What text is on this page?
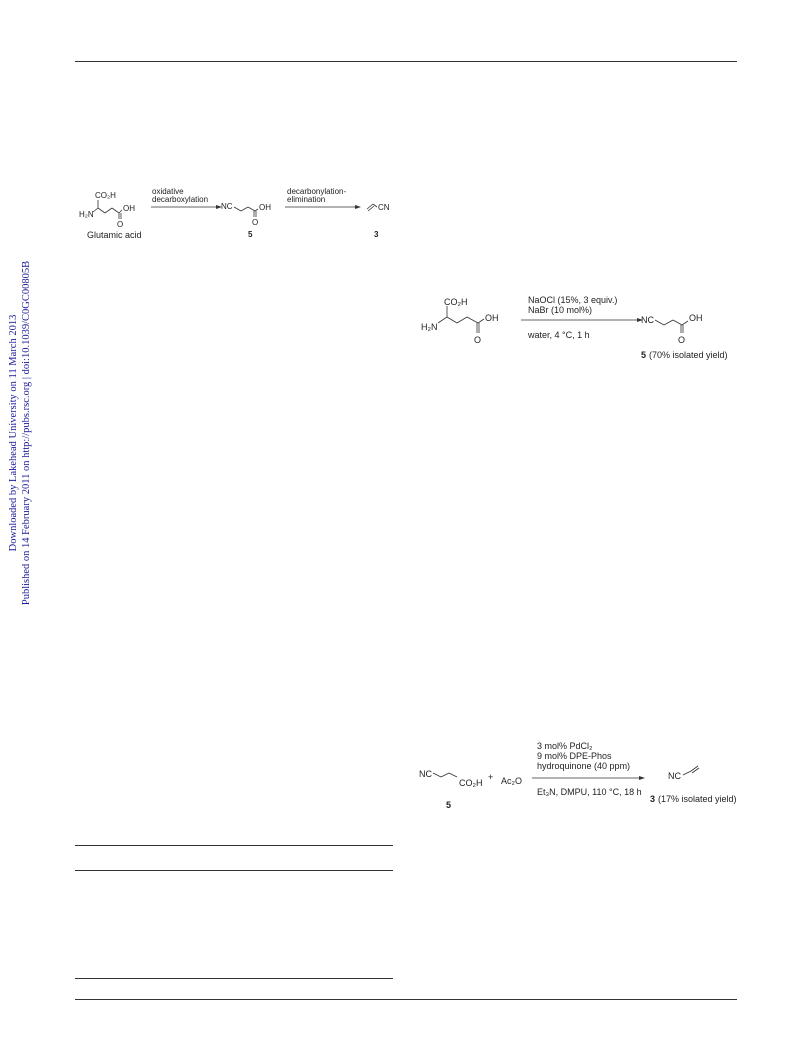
Downloaded by Lakehead University on 11 March 2013 Published on 14 February 2011 on http://pubs.rsc.org | doi:10.1039/C0GC00805B
CO₂H
H₂N
OH
O
Glutamic acid
oxidative
decarboxylation
NC	OH
O
5
decarbonylation-
elimination
CN
3
CO₂H
H₂N
OH
O
NaOCl (15%, 3 equiv.)
NaBr (10 mol%)
water, 4 °C, 1 h
NC	OH
O
5 (70% isolated yield)
NC
CO₂H
+ Ac₂O
5
3 mol% PdCl₂
9 mol% DPE-Phos
hydroquinone (40 ppm)
Et₃N, DMPU, 110 °C, 18 h
NC
3 (17% isolated yield)
